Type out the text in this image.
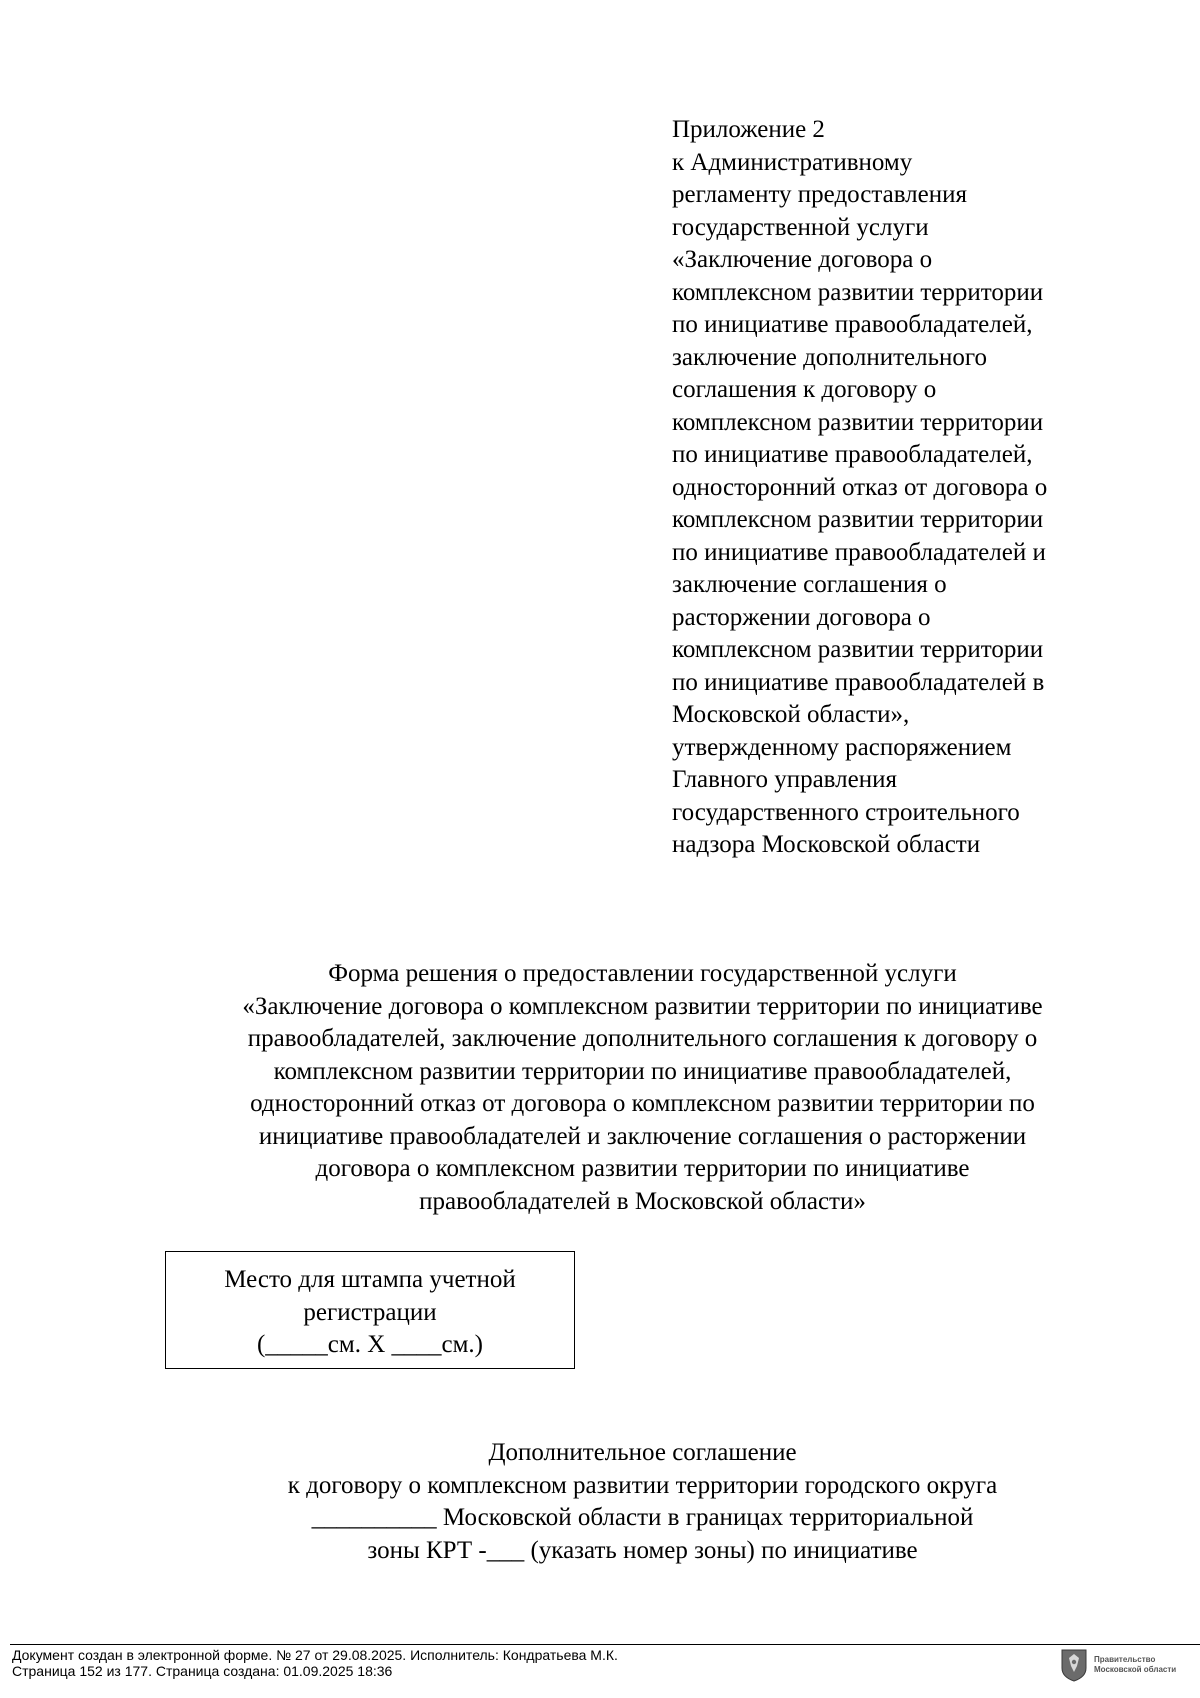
Приложение 2
к Административному
регламенту предоставления
государственной услуги
«Заключение договора о
комплексном развитии территории
по инициативе правообладателей,
заключение дополнительного
соглашения к договору о
комплексном развитии территории
по инициативе правообладателей,
односторонний отказ от договора о
комплексном развитии территории
по инициативе правообладателей и
заключение соглашения о
расторжении договора о
комплексном развитии территории
по инициативе правообладателей в
Московской области»,
утвержденному распоряжением
Главного управления
государственного строительного
надзора Московской области
Форма решения о предоставлении государственной услуги
«Заключение договора о комплексном развитии территории по инициативе
правообладателей, заключение дополнительного соглашения к договору о
комплексном развитии территории по инициативе правообладателей,
односторонний отказ от договора о комплексном развитии территории по
инициативе правообладателей и заключение соглашения о расторжении
договора о комплексном развитии территории по инициативе
правообладателей в Московской области»
Место для штампа учетной
регистрации
(_____см. Х ____см.)
Дополнительное соглашение
к договору о комплексном развитии территории городского округа
__________ Московской области в границах территориальной
зоны КРТ -___ (указать номер зоны) по инициативе
Документ создан в электронной форме. № 27 от 29.08.2025. Исполнитель: Кондратьева М.К.
Страница 152 из 177. Страница создана: 01.09.2025 18:36
Правительство
Московской области
